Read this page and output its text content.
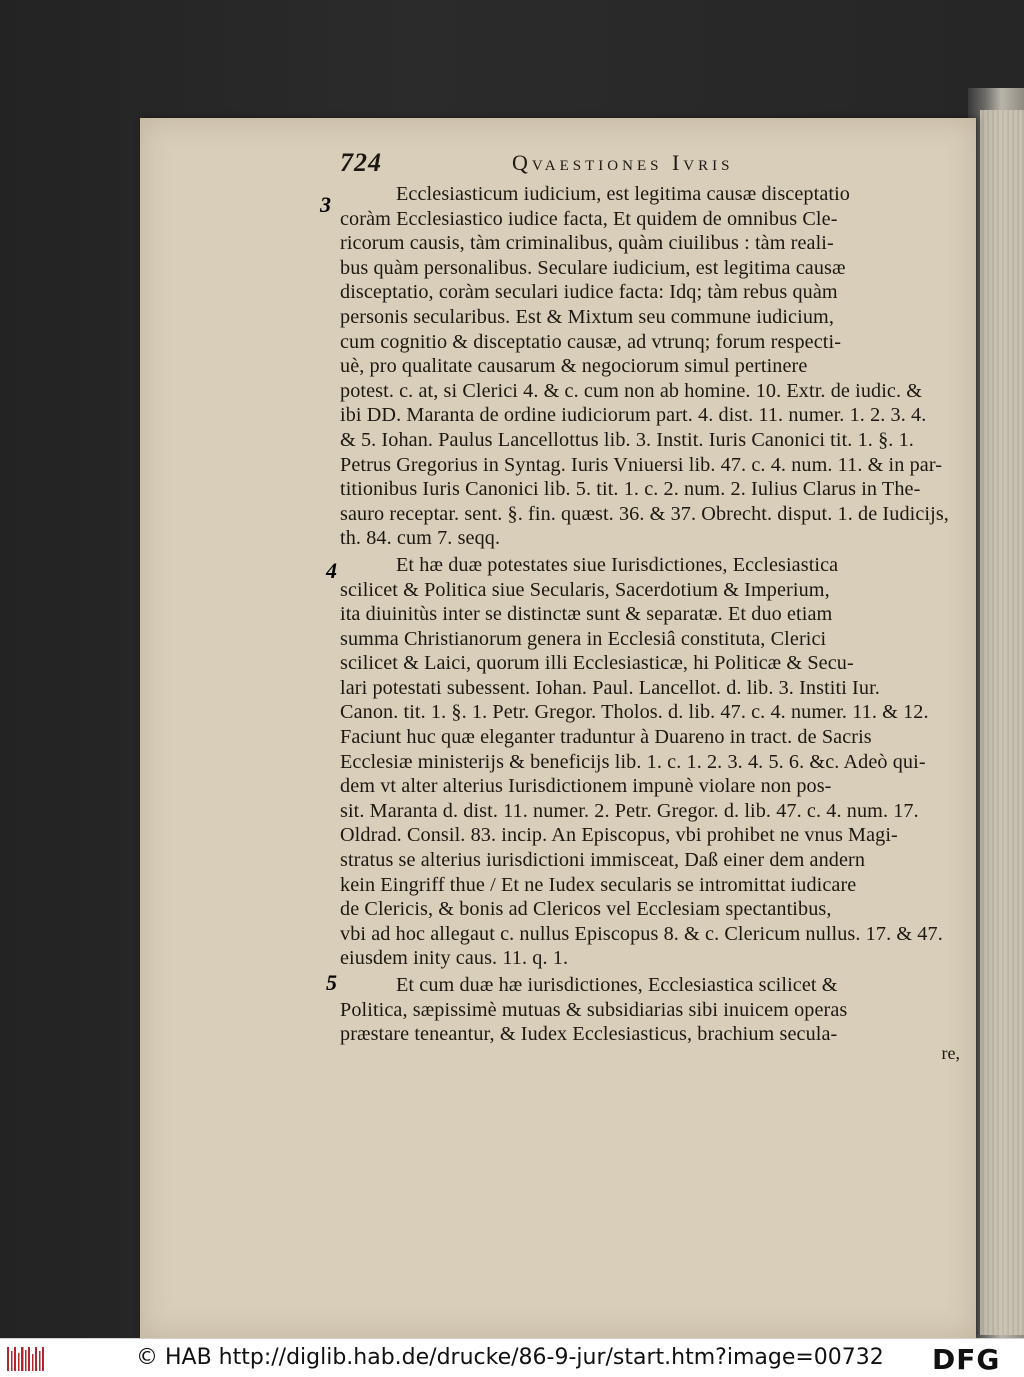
724	Qvaestiones Ivris
Ecclesiasticum iudicium, est legitima causæ disceptatio
coràm Ecclesiastico iudice facta, Et quidem de omnibus Cle-
ricorum causis, tàm criminalibus, quàm ciuilibus : tàm reali-
bus quàm personalibus. Seculare iudicium, est legitima causæ
disceptatio, coràm seculari iudice facta: Idq; tàm rebus quàm
personis secularibus. Est & Mixtum seu commune iudicium,
cum cognitio & disceptatio causæ, ad vtrunq; forum respecti-
uè, pro qualitate causarum & negociorum simul pertinere
potest. c. at, si Clerici 4. & c. cum non ab homine. 10. Extr. de iudic. &
ibi DD. Maranta de ordine iudiciorum part. 4. dist. 11. numer. 1. 2. 3. 4.
& 5. Iohan. Paulus Lancellottus lib. 3. Instit. Iuris Canonici tit. 1. §. 1.
Petrus Gregorius in Syntag. Iuris Vniuersi lib. 47. c. 4. num. 11. & in par-
titionibus Iuris Canonici lib. 5. tit. 1. c. 2. num. 2. Iulius Clarus in The-
sauro receptar. sent. §. fin. quæst. 36. & 37. Obrecht. disput. 1. de Iudicijs,
th. 84. cum 7. seqq.
Et hæ duæ potestates siue Iurisdictiones, Ecclesiastica
scilicet & Politica siue Secularis, Sacerdotium & Imperium,
ita diuinitùs inter se distinctæ sunt & separatæ. Et duo etiam
summa Christianorum genera in Ecclesiâ constituta, Clerici
scilicet & Laici, quorum illi Ecclesiasticæ, hi Politicæ & Secu-
lari potestati subessent. Iohan. Paul. Lancellot. d. lib. 3. Institi Iur.
Canon. tit. 1. §. 1. Petr. Gregor. Tholos. d. lib. 47. c. 4. numer. 11. & 12.
Faciunt huc quæ eleganter traduntur à Duareno in tract. de Sacris
Ecclesiæ ministerijs & beneficijs lib. 1. c. 1. 2. 3. 4. 5. 6. &c. Adeò qui-
dem vt alter alterius Iurisdictionem impunè violare non pos-
sit. Maranta d. dist. 11. numer. 2. Petr. Gregor. d. lib. 47. c. 4. num. 17.
Oldrad. Consil. 83. incip. An Episcopus, vbi prohibet ne vnus Magi-
stratus se alterius iurisdictioni immisceat, Daß einer dem andern
kein Eingriff thue / Et ne Iudex secularis se intromittat iudicare
de Clericis, & bonis ad Clericos vel Ecclesiam spectantibus,
vbi ad hoc allegaut c. nullus Episcopus 8. & c. Clericum nullus. 17. & 47.
eiusdem inity caus. 11. q. 1.
Et cum duæ hæ iurisdictiones, Ecclesiastica scilicet &
Politica, sæpissimè mutuas & subsidiarias sibi inuicem operas
præstare teneantur, & Iudex Ecclesiasticus, brachium secula-
re,
3
4
5
© HAB http://diglib.hab.de/drucke/86-9-jur/start.htm?image=00732 DFG
